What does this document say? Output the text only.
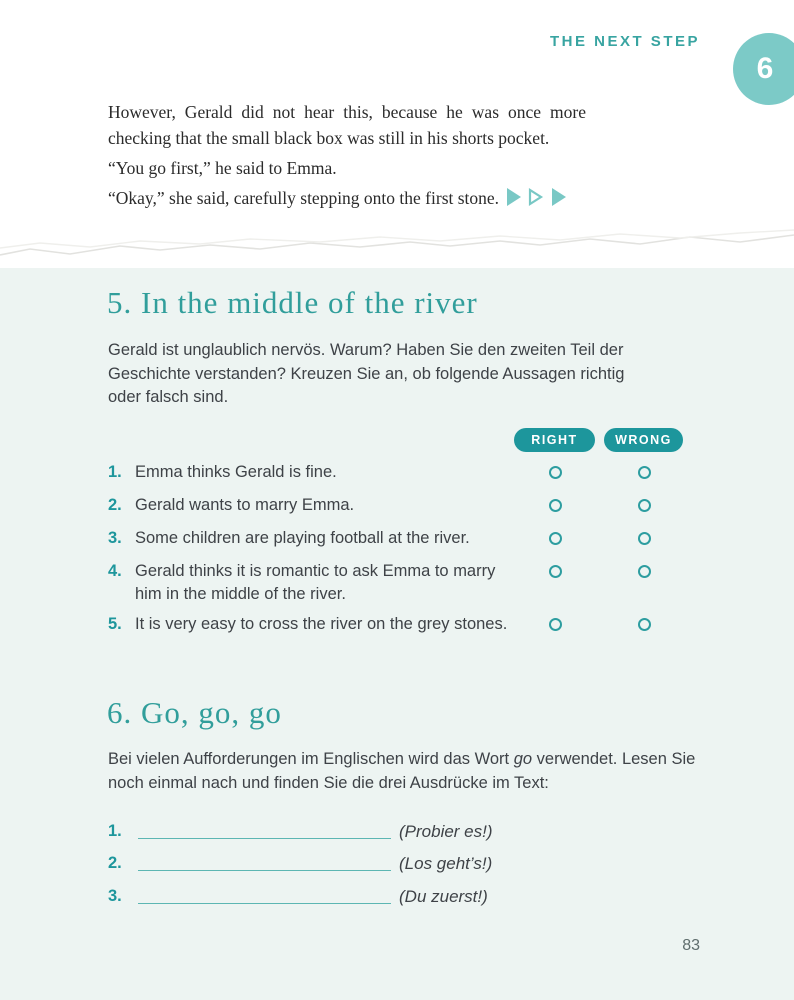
THE NEXT STEP
6

However, Gerald did not hear this, because he was once more checking that the small black box was still in his shorts pocket.

“You go first,” he said to Emma.

“Okay,” she said, carefully stepping onto the first stone.

5. In the middle of the river
Gerald ist unglaublich nervös. Warum? Haben Sie den zweiten Teil der Geschichte verstanden? Kreuzen Sie an, ob folgende Aussagen richtig oder falsch sind.
RIGHT	WRONG
1. Emma thinks Gerald is fine.
2. Gerald wants to marry Emma.
3. Some children are playing football at the river.
4. Gerald thinks it is romantic to ask Emma to marry him in the middle of the river.
5. It is very easy to cross the river on the grey stones.
6. Go, go, go
Bei vielen Aufforderungen im Englischen wird das Wort go verwendet. Lesen Sie noch einmal nach und finden Sie die drei Ausdrücke im Text:
1.	(Probier es!)
2.	(Los geht’s!)
3.	(Du zuerst!)
83
